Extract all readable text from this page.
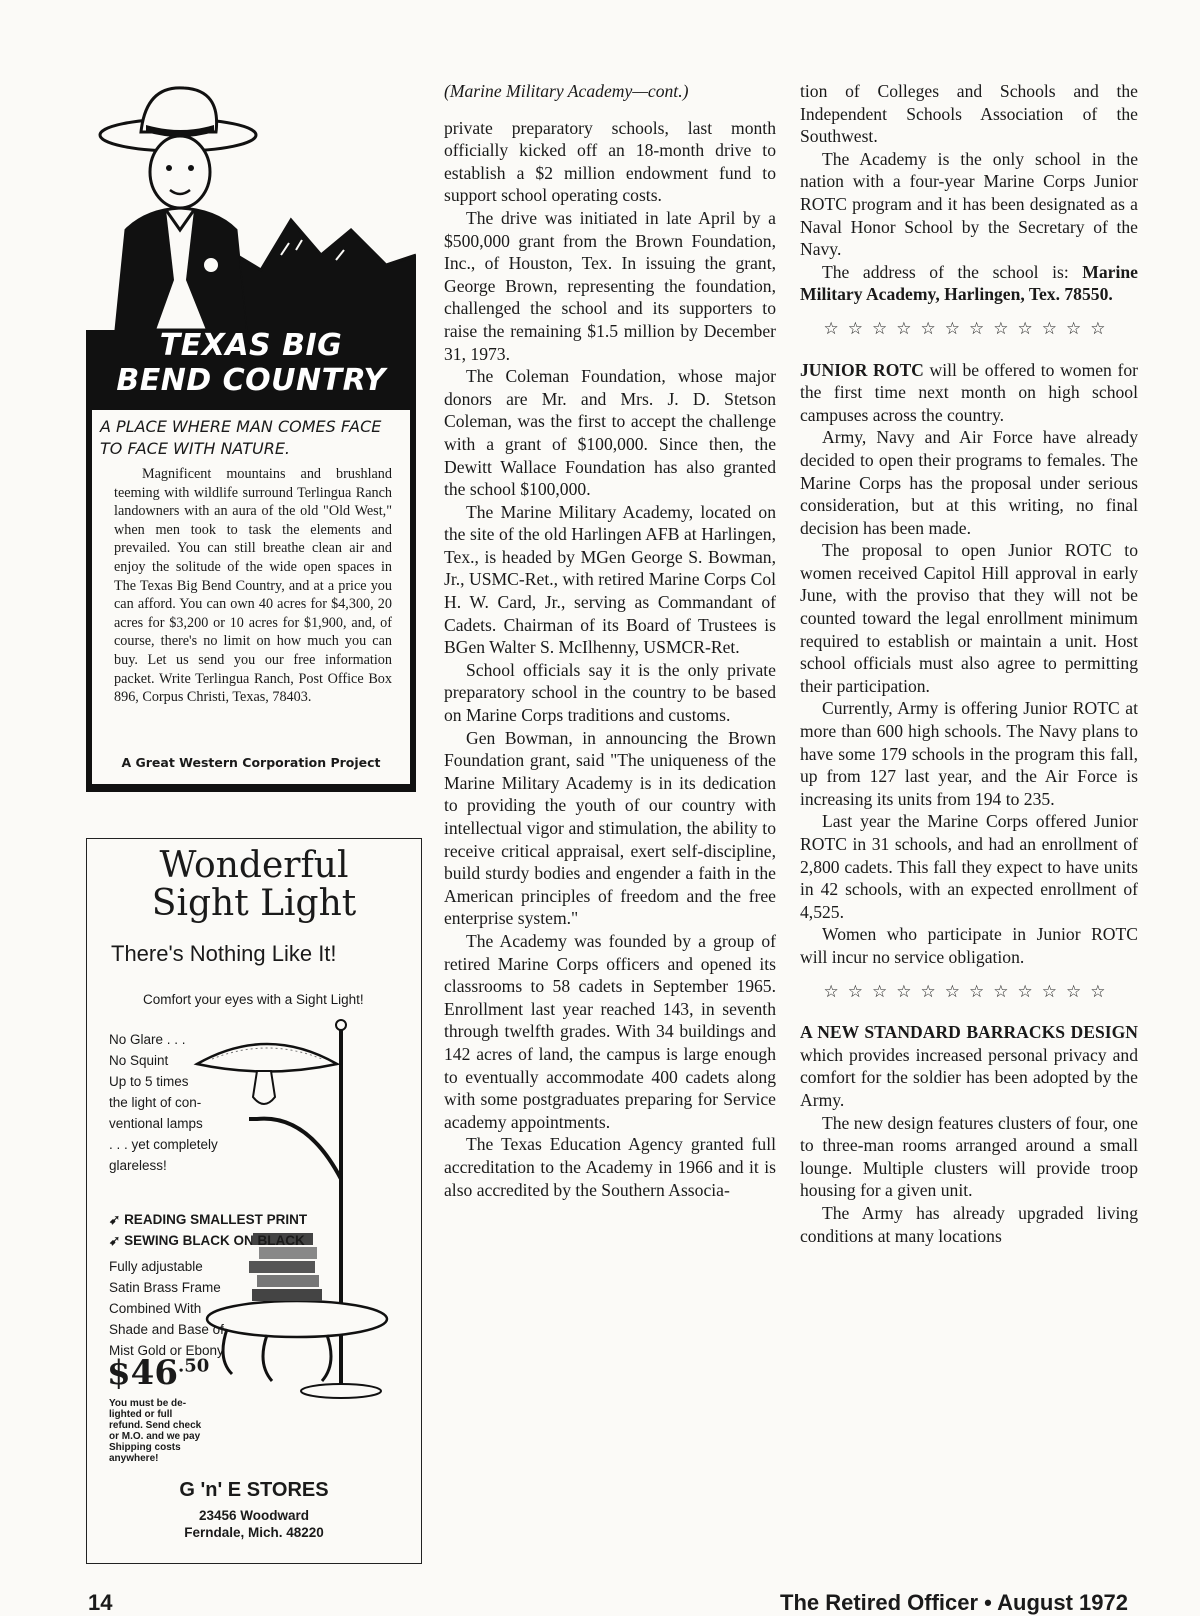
TEXAS BIG
BEND COUNTRY
A PLACE WHERE MAN COMES FACE TO FACE WITH NATURE.
Magnificent mountains and brushland teeming with wildlife surround Terlingua Ranch landowners with an aura of the old "Old West," when men took to task the elements and prevailed. You can still breathe clean air and enjoy the solitude of the wide open spaces in The Texas Big Bend Country, and at a price you can afford. You can own 40 acres for $4,300, 20 acres for $3,200 or 10 acres for $1,900, and, of course, there's no limit on how much you can buy. Let us send you our free information packet. Write Terlingua Ranch, Post Office Box 896, Corpus Christi, Texas, 78403.
A Great Western Corporation Project
Wonderful
Sight Light
There's Nothing Like It!
Comfort your eyes with a Sight Light!
No Glare . . .
No Squint
Up to 5 times
the light of con-
ventional lamps
. . . yet completely
glareless!
➹ READING SMALLEST PRINT
➹ SEWING BLACK ON BLACK
Fully adjustable
Satin Brass Frame
Combined With
Shade and Base of
Mist Gold or Ebony
$\$46^{.50}$
You must be de-
lighted or full
refund. Send check
or M.O. and we pay
Shipping costs
anywhere!
G 'n' E STORES
23456 Woodward
Ferndale, Mich. 48220

(Marine Military Academy—cont.)

private preparatory schools, last month officially kicked off an 18-month drive to establish a $2 million endowment fund to support school operating costs.

The drive was initiated in late April by a $500,000 grant from the Brown Foundation, Inc., of Houston, Tex. In issuing the grant, George Brown, representing the foundation, challenged the school and its supporters to raise the remaining $1.5 million by December 31, 1973.

The Coleman Foundation, whose major donors are Mr. and Mrs. J. D. Stetson Coleman, was the first to accept the challenge with a grant of $100,000. Since then, the Dewitt Wallace Foundation has also granted the school $100,000.

The Marine Military Academy, located on the site of the old Harlingen AFB at Harlingen, Tex., is headed by MGen George S. Bowman, Jr., USMC-Ret., with retired Marine Corps Col H. W. Card, Jr., serving as Commandant of Cadets. Chairman of its Board of Trustees is BGen Walter S. McIlhenny, USMCR-Ret.

School officials say it is the only private preparatory school in the country to be based on Marine Corps traditions and customs.

Gen Bowman, in announcing the Brown Foundation grant, said "The uniqueness of the Marine Military Academy is in its dedication to providing the youth of our country with intellectual vigor and stimulation, the ability to receive critical appraisal, exert self-discipline, build sturdy bodies and engender a faith in the American principles of freedom and the free enterprise system."

The Academy was founded by a group of retired Marine Corps officers and opened its classrooms to 58 cadets in September 1965. Enrollment last year reached 143, in seventh through twelfth grades. With 34 buildings and 142 acres of land, the campus is large enough to eventually accommodate 400 cadets along with some postgraduates preparing for Service academy appointments.

The Texas Education Agency granted full accreditation to the Academy in 1966 and it is also accredited by the Southern Associa-

tion of Colleges and Schools and the Independent Schools Association of the Southwest.

The Academy is the only school in the nation with a four-year Marine Corps Junior ROTC program and it has been designated as a Naval Honor School by the Secretary of the Navy.

The address of the school is: Marine Military Academy, Harlingen, Tex. 78550.

☆☆☆☆☆☆☆☆☆☆☆☆

JUNIOR ROTC will be offered to women for the first time next month on high school campuses across the country.

Army, Navy and Air Force have already decided to open their programs to females. The Marine Corps has the proposal under serious consideration, but at this writing, no final decision has been made.

The proposal to open Junior ROTC to women received Capitol Hill approval in early June, with the proviso that they will not be counted toward the legal enrollment minimum required to establish or maintain a unit. Host school officials must also agree to permitting their participation.

Currently, Army is offering Junior ROTC at more than 600 high schools. The Navy plans to have some 179 schools in the program this fall, up from 127 last year, and the Air Force is increasing its units from 194 to 235.

Last year the Marine Corps offered Junior ROTC in 31 schools, and had an enrollment of 2,800 cadets. This fall they expect to have units in 42 schools, with an expected enrollment of 4,525.

Women who participate in Junior ROTC will incur no service obligation.

☆☆☆☆☆☆☆☆☆☆☆☆

A NEW STANDARD BARRACKS DESIGN which provides increased personal privacy and comfort for the soldier has been adopted by the Army.

The new design features clusters of four, one to three-man rooms arranged around a small lounge. Multiple clusters will provide troop housing for a given unit.

The Army has already upgraded living conditions at many locations

14	The Retired Officer • August 1972
